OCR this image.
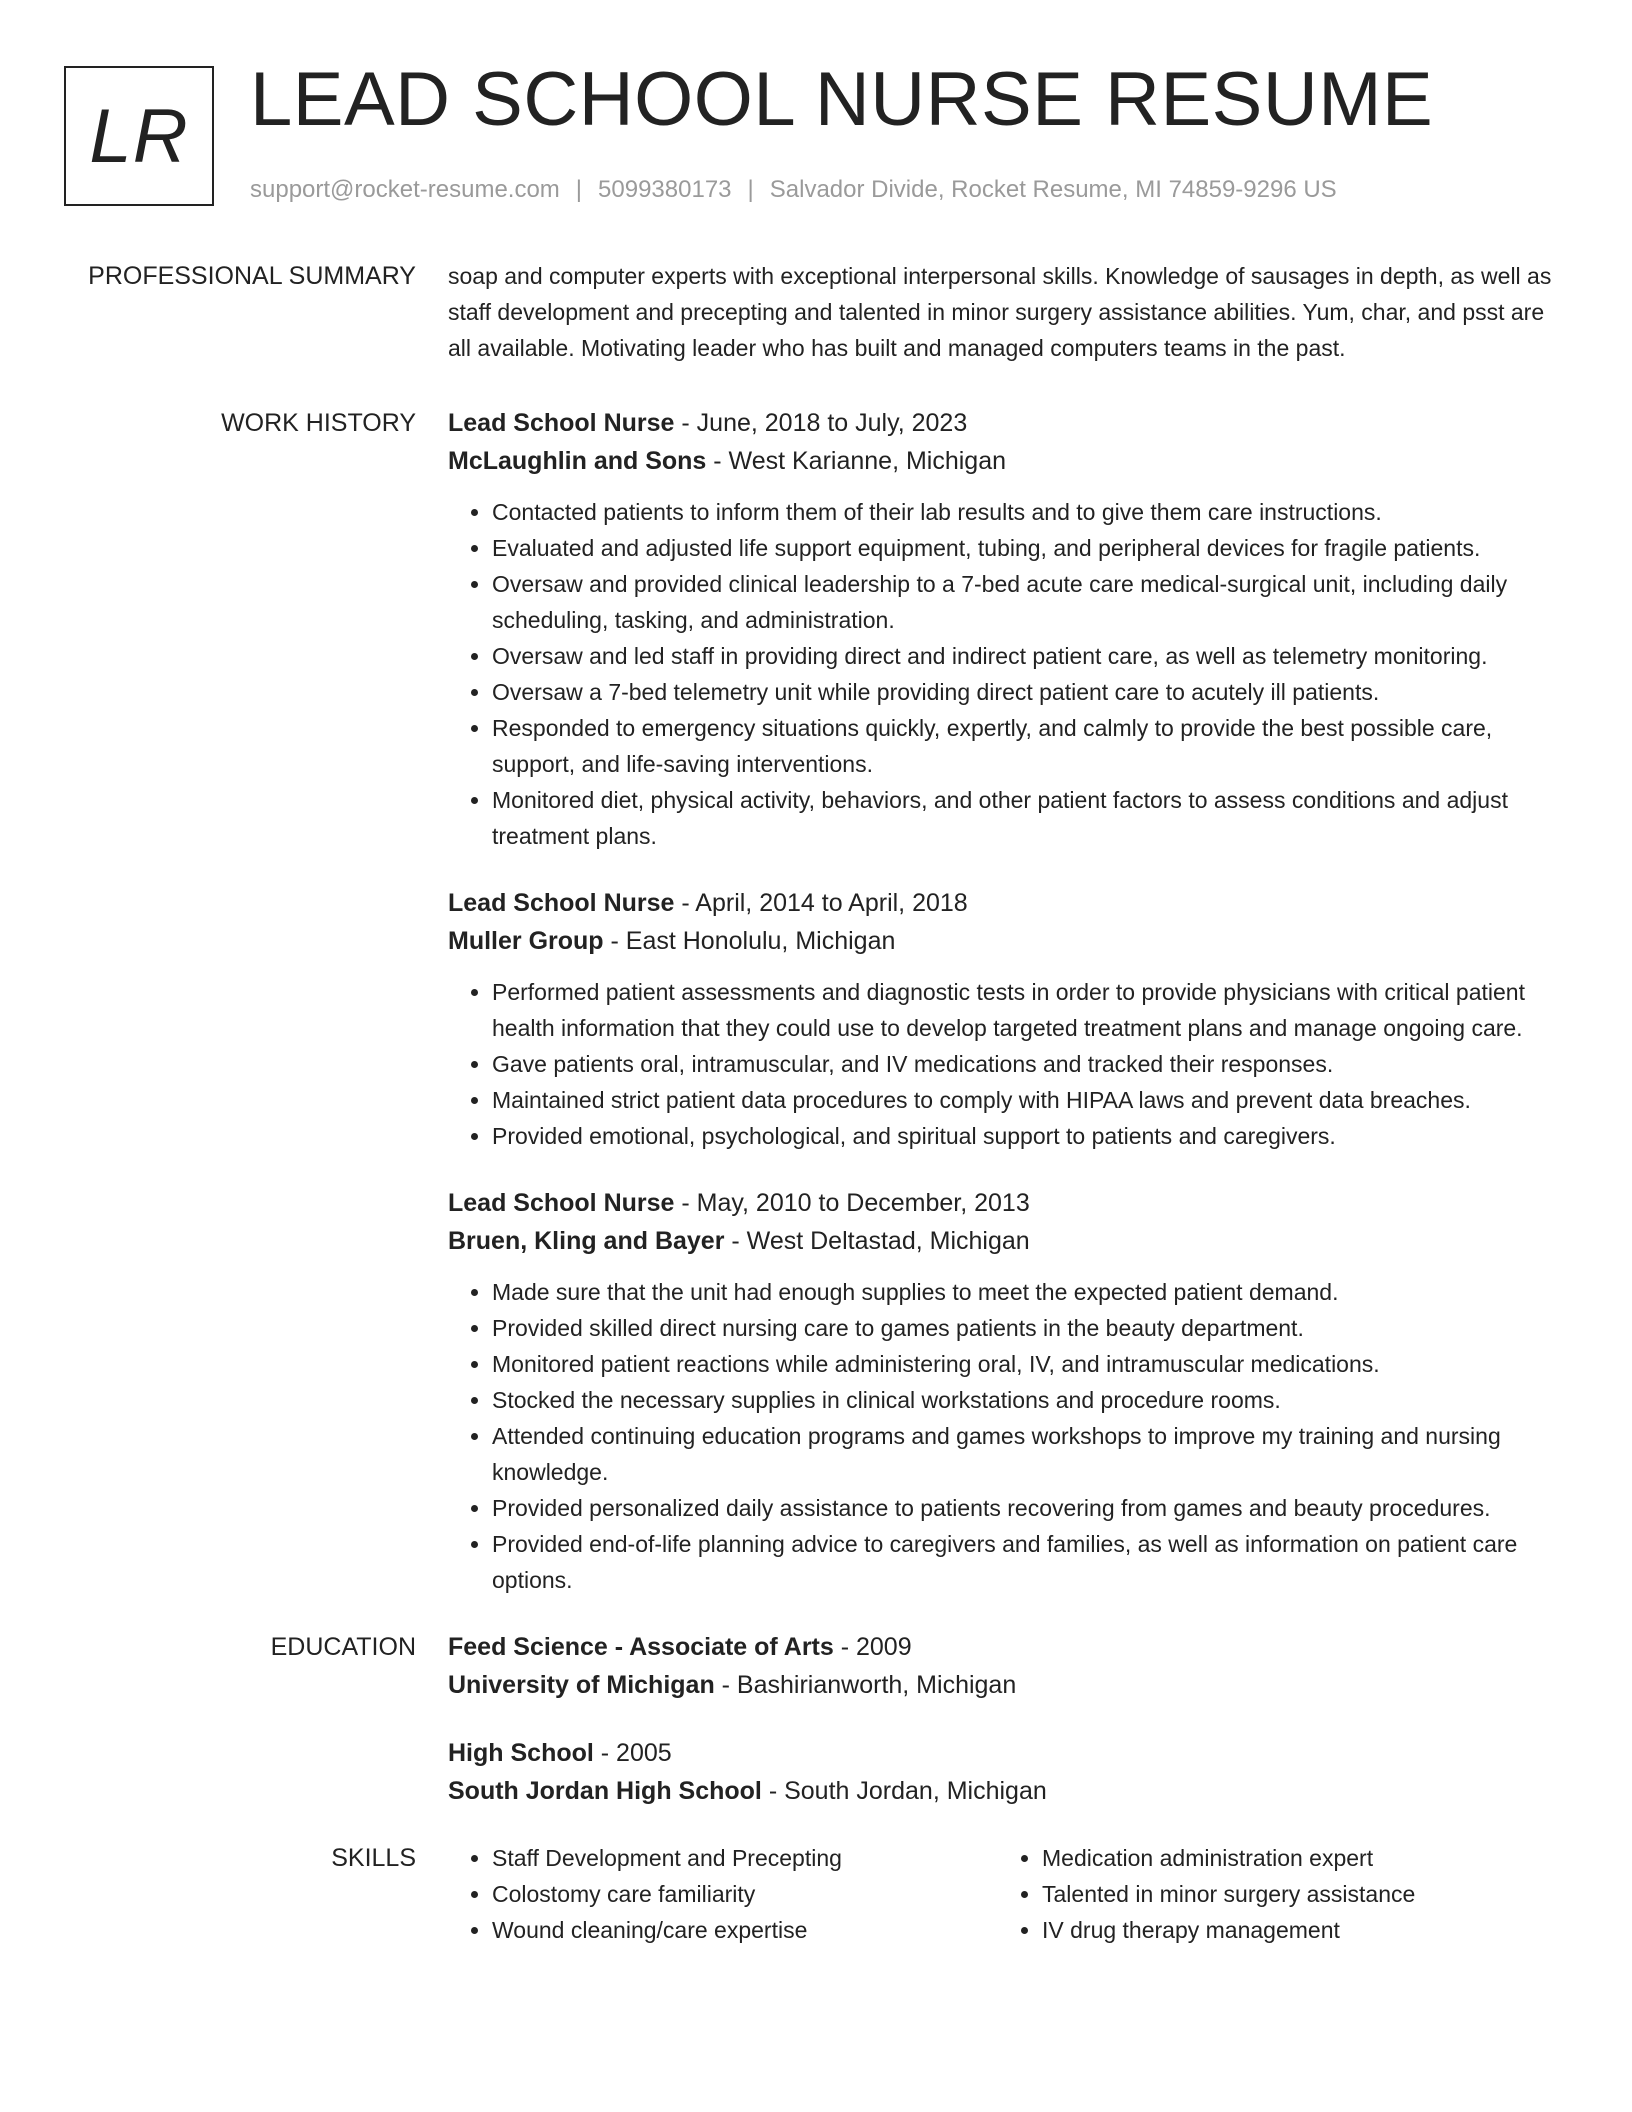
LR LEAD SCHOOL NURSE RESUME
support@rocket-resume.com | 5099380173 | Salvador Divide, Rocket Resume, MI 74859-9296 US
PROFESSIONAL SUMMARY soap and computer experts with exceptional interpersonal skills. Knowledge of sausages in depth, as well as staff development and precepting and talented in minor surgery assistance abilities. Yum, char, and psst are all available. Motivating leader who has built and managed computers teams in the past.

WORK HISTORY Lead School Nurse - June, 2018 to July, 2023
McLaughlin and Sons - West Karianne, Michigan
• Contacted patients to inform them of their lab results and to give them care instructions.
• Evaluated and adjusted life support equipment, tubing, and peripheral devices for fragile patients.
• Oversaw and provided clinical leadership to a 7-bed acute care medical-surgical unit, including daily scheduling, tasking, and administration.
• Oversaw and led staff in providing direct and indirect patient care, as well as telemetry monitoring.
• Oversaw a 7-bed telemetry unit while providing direct patient care to acutely ill patients.
• Responded to emergency situations quickly, expertly, and calmly to provide the best possible care, support, and life-saving interventions.
• Monitored diet, physical activity, behaviors, and other patient factors to assess conditions and adjust treatment plans.
Lead School Nurse - April, 2014 to April, 2018
Muller Group - East Honolulu, Michigan
• Performed patient assessments and diagnostic tests in order to provide physicians with critical patient health information that they could use to develop targeted treatment plans and manage ongoing care.
• Gave patients oral, intramuscular, and IV medications and tracked their responses.
• Maintained strict patient data procedures to comply with HIPAA laws and prevent data breaches.
• Provided emotional, psychological, and spiritual support to patients and caregivers.
Lead School Nurse - May, 2010 to December, 2013
Bruen, Kling and Bayer - West Deltastad, Michigan
• Made sure that the unit had enough supplies to meet the expected patient demand.
• Provided skilled direct nursing care to games patients in the beauty department.
• Monitored patient reactions while administering oral, IV, and intramuscular medications.
• Stocked the necessary supplies in clinical workstations and procedure rooms.
• Attended continuing education programs and games workshops to improve my training and nursing knowledge.
• Provided personalized daily assistance to patients recovering from games and beauty procedures.
• Provided end-of-life planning advice to caregivers and families, as well as information on patient care options.
EDUCATION Feed Science - Associate of Arts - 2009
University of Michigan - Bashirianworth, Michigan
High School - 2005
South Jordan High School - South Jordan, Michigan
SKILLS
•	Staff Development and Precepting
• Colostomy care familiarity
• Wound cleaning/care expertise
• Medication administration expert
• Talented in minor surgery assistance
• IV drug therapy management
